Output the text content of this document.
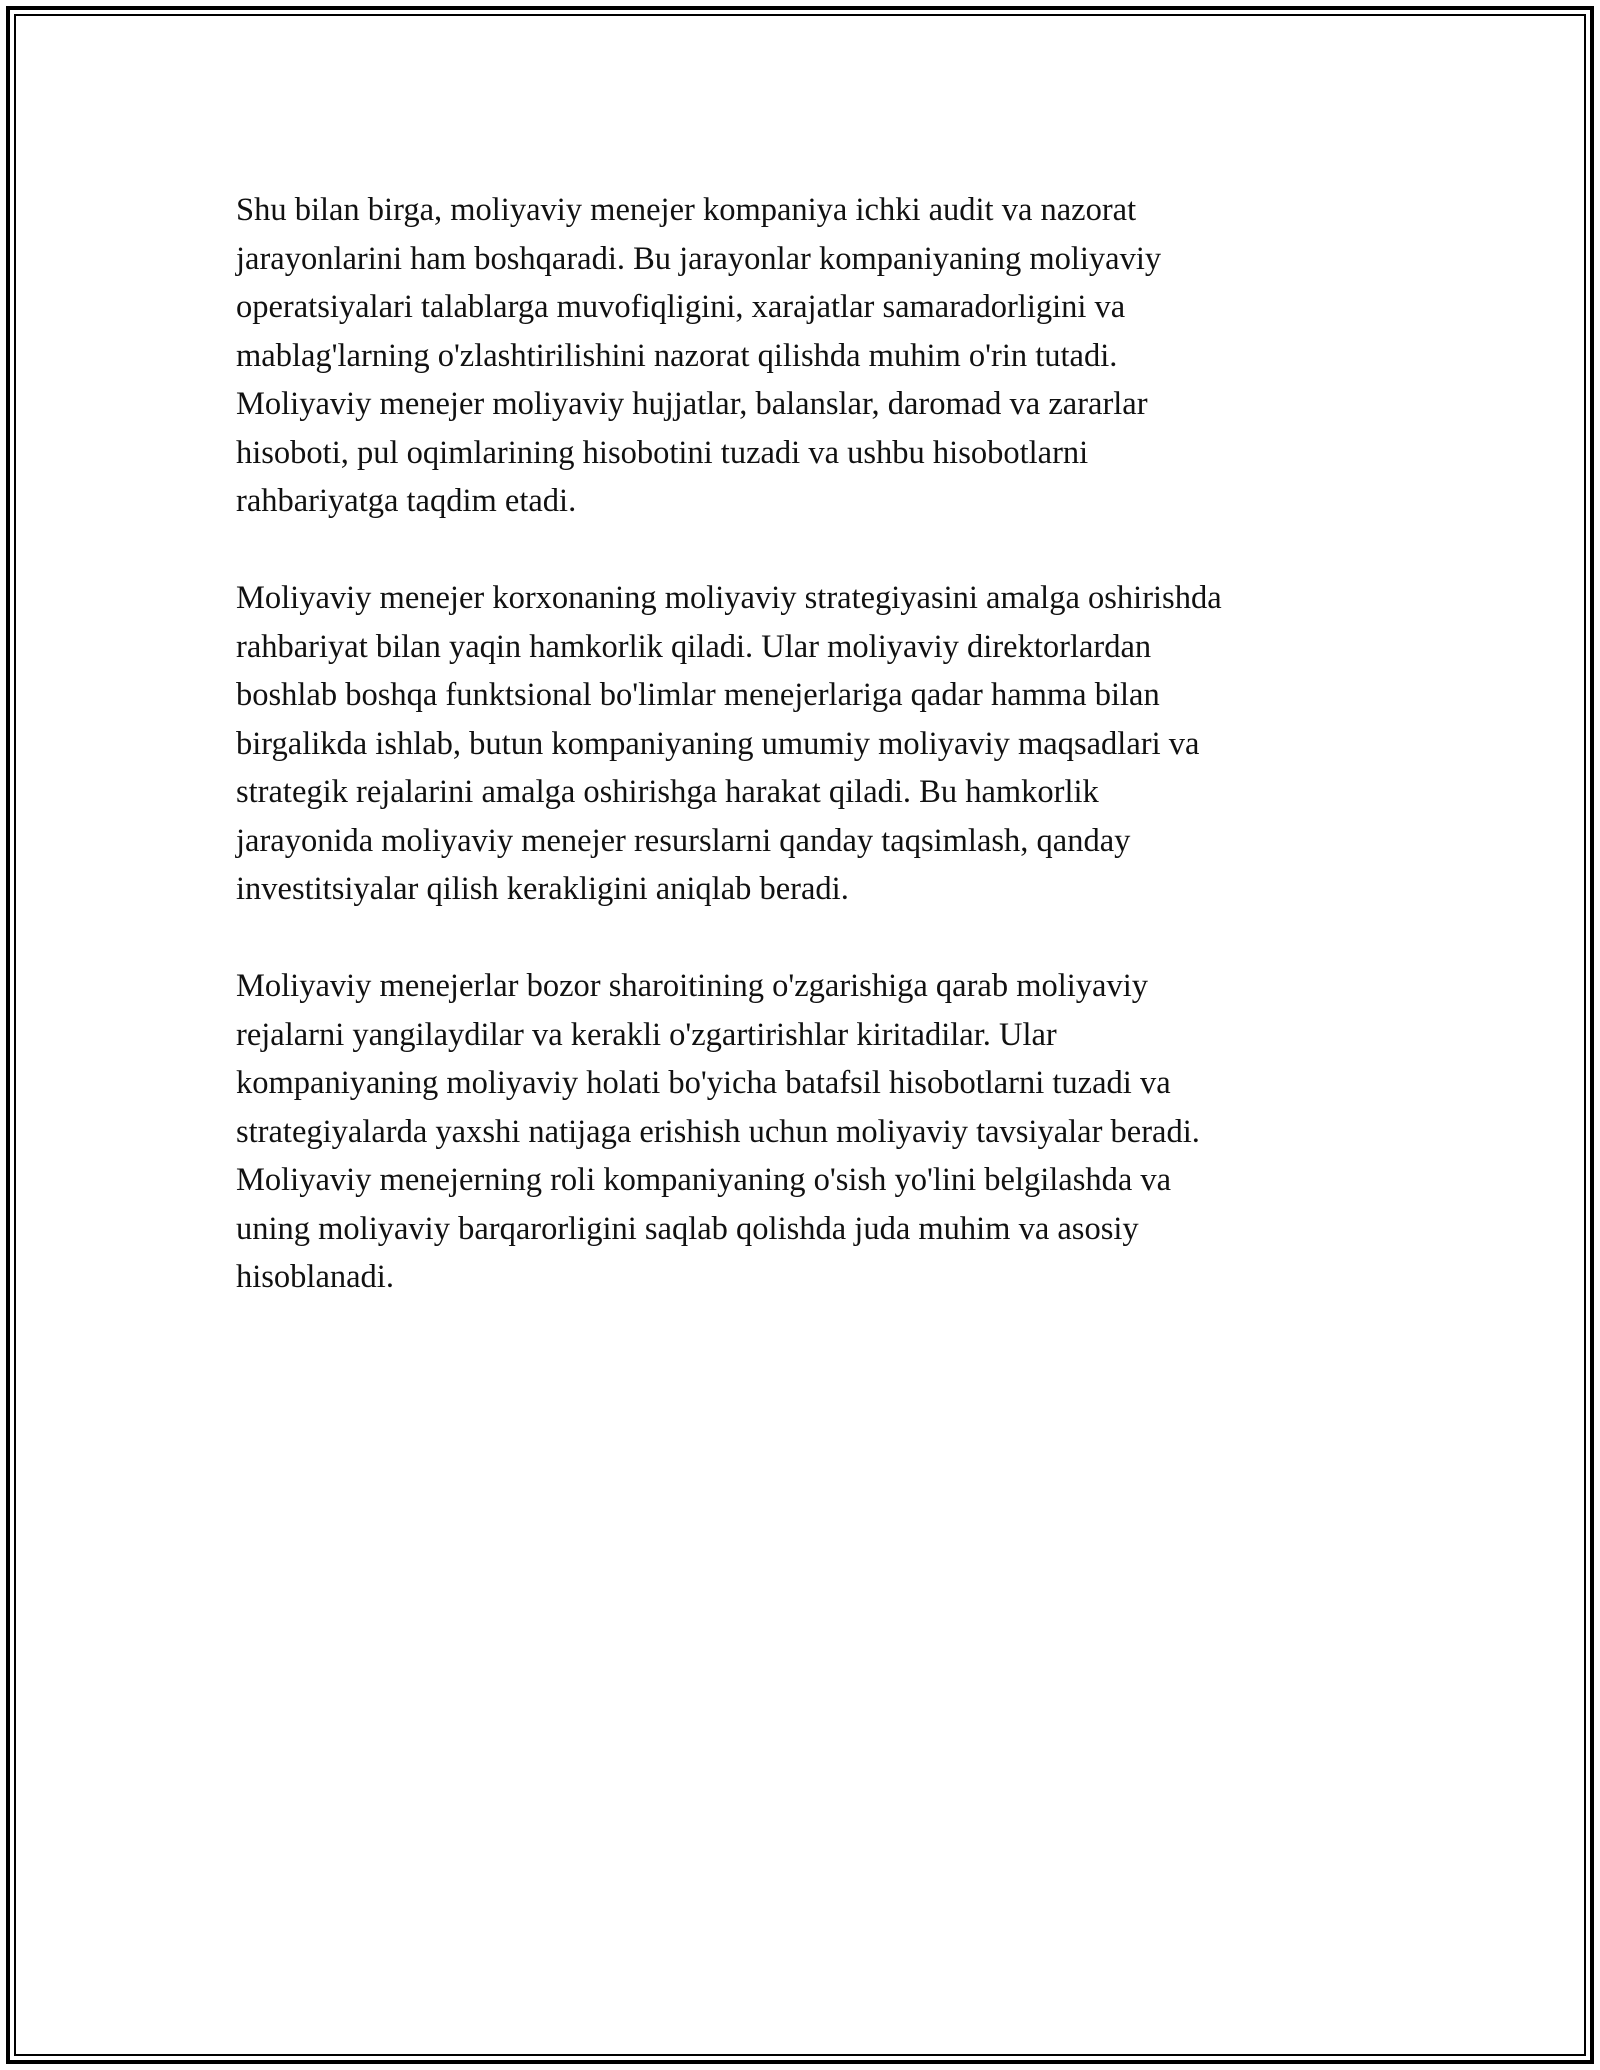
Shu bilan birga, moliyaviy menejer kompaniya ichki audit va nazorat
jarayonlarini ham boshqaradi. Bu jarayonlar kompaniyaning moliyaviy
operatsiyalari talablarga muvofiqligini, xarajatlar samaradorligini va
mablag'larning o'zlashtirilishini nazorat qilishda muhim o'rin tutadi.
Moliyaviy menejer moliyaviy hujjatlar, balanslar, daromad va zararlar
hisoboti, pul oqimlarining hisobotini tuzadi va ushbu hisobotlarni
rahbariyatga taqdim etadi.

Moliyaviy menejer korxonaning moliyaviy strategiyasini amalga oshirishda
rahbariyat bilan yaqin hamkorlik qiladi. Ular moliyaviy direktorlardan
boshlab boshqa funktsional bo'limlar menejerlariga qadar hamma bilan
birgalikda ishlab, butun kompaniyaning umumiy moliyaviy maqsadlari va
strategik rejalarini amalga oshirishga harakat qiladi. Bu hamkorlik
jarayonida moliyaviy menejer resurslarni qanday taqsimlash, qanday
investitsiyalar qilish kerakligini aniqlab beradi.

Moliyaviy menejerlar bozor sharoitining o'zgarishiga qarab moliyaviy
rejalarni yangilaydilar va kerakli o'zgartirishlar kiritadilar. Ular
kompaniyaning moliyaviy holati bo'yicha batafsil hisobotlarni tuzadi va
strategiyalarda yaxshi natijaga erishish uchun moliyaviy tavsiyalar beradi.
Moliyaviy menejerning roli kompaniyaning o'sish yo'lini belgilashda va
uning moliyaviy barqarorligini saqlab qolishda juda muhim va asosiy
hisoblanadi.
